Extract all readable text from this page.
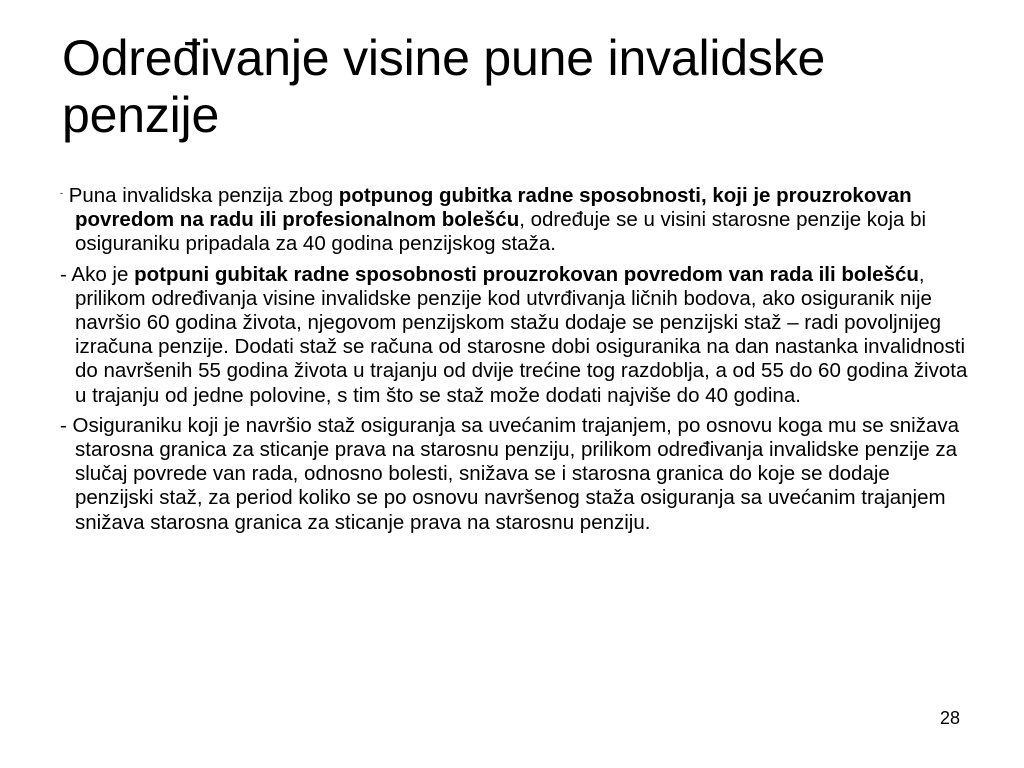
Određivanje visine pune invalidske penzije

- Puna invalidska penzija zbog potpunog gubitka radne sposobnosti, koji je prouzrokovan povredom na radu ili profesionalnom bolešću, određuje se u visini starosne penzije koja bi osiguraniku pripadala za 40 godina penzijskog staža.

- Ako je potpuni gubitak radne sposobnosti prouzrokovan povredom van rada ili bolešću, prilikom određivanja visine invalidske penzije kod utvrđivanja ličnih bodova, ako osiguranik nije navršio 60 godina života, njegovom penzijskom stažu dodaje se penzijski staž – radi povoljnijeg izračuna penzije. Dodati staž se računa od starosne dobi osiguranika na dan nastanka invalidnosti do navršenih 55 godina života u trajanju od dvije trećine tog razdoblja, a od 55 do 60 godina života u trajanju od jedne polovine, s tim što se staž može dodati najviše do 40 godina.

- Osiguraniku koji je navršio staž osiguranja sa uvećanim trajanjem, po osnovu koga mu se snižava starosna granica za sticanje prava na starosnu penziju, prilikom određivanja invalidske penzije za slučaj povrede van rada, odnosno bolesti, snižava se i starosna granica do koje se dodaje penzijski staž, za period koliko se po osnovu navršenog staža osiguranja sa uvećanim trajanjem snižava starosna granica za sticanje prava na starosnu penziju.

28
